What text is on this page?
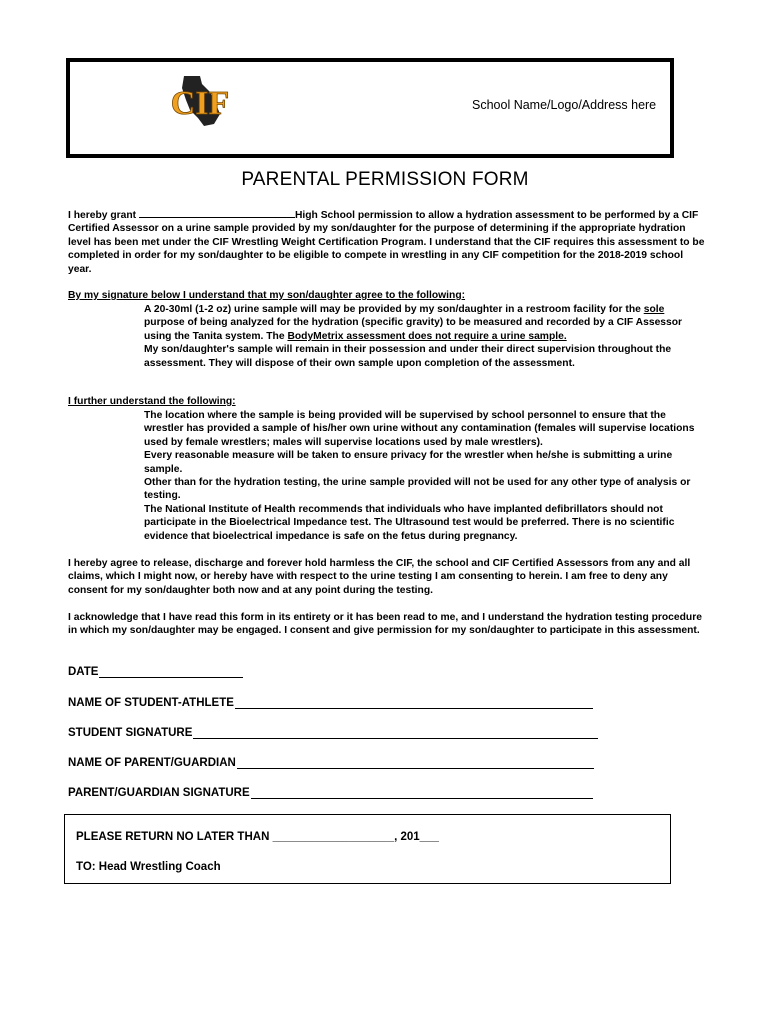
CIF	School Name/Logo/Address here
PARENTAL PERMISSION FORM
I hereby grant	High School permission to allow a hydration assessment to be performed by a CIF Certified Assessor on a urine sample provided by my son/daughter for the purpose of determining if the appropriate hydration level has been met under the CIF Wrestling Weight Certification Program. I understand that the CIF requires this assessment to be completed in order for my son/daughter to be eligible to compete in wrestling in any CIF competition for the 2018-2019 school year.
By my signature below I understand that my son/daughter agree to the following:
A 20-30ml (1-2 oz) urine sample will may be provided by my son/daughter in a restroom facility for the sole purpose of being analyzed for the hydration (specific gravity) to be measured and recorded by a CIF Assessor using the Tanita system. The BodyMetrix assessment does not require a urine sample.
My son/daughter's sample will remain in their possession and under their direct supervision throughout the assessment. They will dispose of their own sample upon completion of the assessment.
I further understand the following:
The location where the sample is being provided will be supervised by school personnel to ensure that the wrestler has provided a sample of his/her own urine without any contamination (females will supervise locations used by female wrestlers; males will supervise locations used by male wrestlers).
Every reasonable measure will be taken to ensure privacy for the wrestler when he/she is submitting a urine sample.
Other than for the hydration testing, the urine sample provided will not be used for any other type of analysis or testing.
The National Institute of Health recommends that individuals who have implanted defibrillators should not participate in the Bioelectrical Impedance test. The Ultrasound test would be preferred. There is no scientific evidence that bioelectrical impedance is safe on the fetus during pregnancy.
I hereby agree to release, discharge and forever hold harmless the CIF, the school and CIF Certified Assessors from any and all claims, which I might now, or hereby have with respect to the urine testing I am consenting to herein. I am free to deny any consent for my son/daughter both now and at any point during the testing.
I acknowledge that I have read this form in its entirety or it has been read to me, and I understand the hydration testing procedure in which my son/daughter may be engaged. I consent and give permission for my son/daughter to participate in this assessment.
DATE
NAME OF STUDENT-ATHLETE
STUDENT SIGNATURE
NAME OF PARENT/GUARDIAN
PARENT/GUARDIAN SIGNATURE
PLEASE RETURN NO LATER THAN ___________________, 201___
TO: Head Wrestling Coach
